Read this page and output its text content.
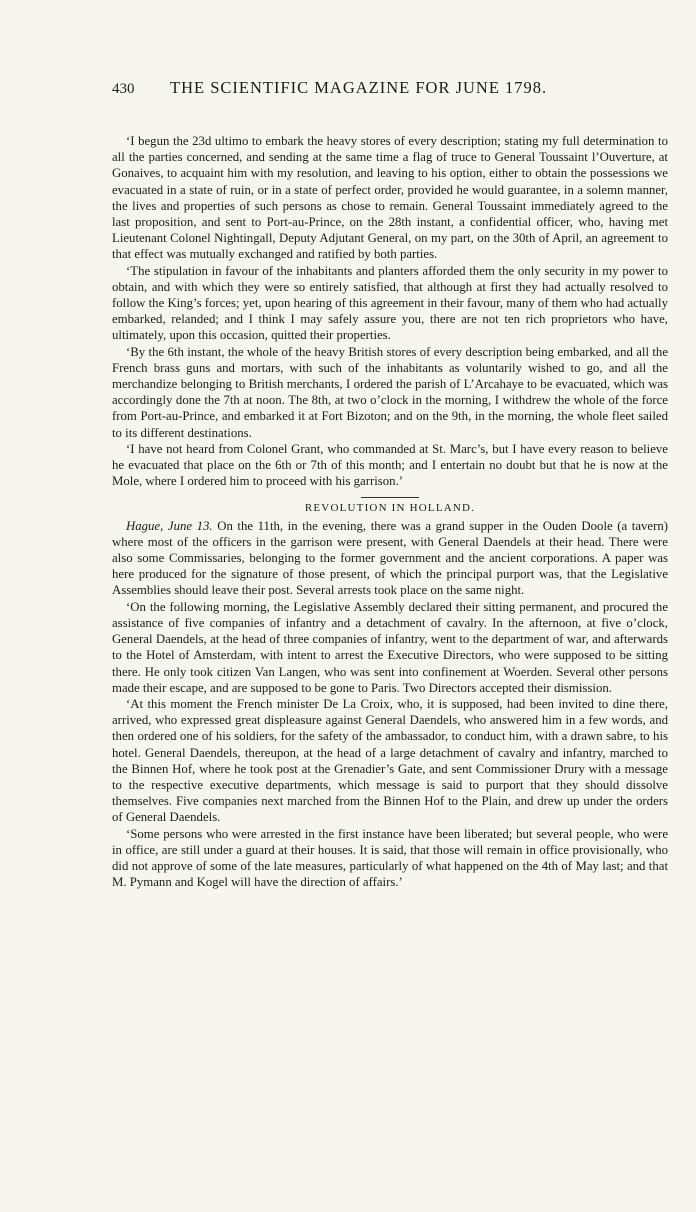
430	THE SCIENTIFIC MAGAZINE FOR JUNE 1798.

‘I begun the 23d ultimo to embark the heavy stores of every description; stating my full determination to all the parties concerned, and sending at the same time a flag of truce to General Toussaint l’Ouverture, at Gonaives, to acquaint him with my resolution, and leaving to his option, either to obtain the possessions we evacuated in a state of ruin, or in a state of perfect order, provided he would guarantee, in a solemn manner, the lives and properties of such persons as chose to remain. General Toussaint immediately agreed to the last proposition, and sent to Port-au-Prince, on the 28th instant, a confidential officer, who, having met Lieutenant Colonel Nightingall, Deputy Adjutant General, on my part, on the 30th of April, an agreement to that effect was mutually exchanged and ratified by both parties.

‘The stipulation in favour of the inhabitants and planters afforded them the only security in my power to obtain, and with which they were so entirely satisfied, that although at first they had actually resolved to follow the King’s forces; yet, upon hearing of this agreement in their favour, many of them who had actually embarked, relanded; and I think I may safely assure you, there are not ten rich proprietors who have, ultimately, upon this occasion, quitted their properties.

‘By the 6th instant, the whole of the heavy British stores of every description being embarked, and all the French brass guns and mortars, with such of the inhabitants as voluntarily wished to go, and all the merchandize belonging to British merchants, I ordered the parish of L’Arcahaye to be evacuated, which was accordingly done the 7th at noon. The 8th, at two o’clock in the morning, I withdrew the whole of the force from Port-au-Prince, and embarked it at Fort Bizoton; and on the 9th, in the morning, the whole fleet sailed to its different destinations.

‘I have not heard from Colonel Grant, who commanded at St. Marc’s, but I have every reason to believe he evacuated that place on the 6th or 7th of this month; and I entertain no doubt but that he is now at the Mole, where I ordered him to proceed with his garrison.’

REVOLUTION IN HOLLAND.

Hague, June 13. On the 11th, in the evening, there was a grand supper in the Ouden Doole (a tavern) where most of the officers in the garrison were present, with General Daendels at their head. There were also some Commissaries, belonging to the former government and the ancient corporations. A paper was here produced for the signature of those present, of which the principal purport was, that the Legislative Assemblies should leave their post. Several arrests took place on the same night.

‘On the following morning, the Legislative Assembly declared their sitting permanent, and procured the assistance of five companies of infantry and a detachment of cavalry. In the afternoon, at five o’clock, General Daendels, at the head of three companies of infantry, went to the department of war, and afterwards to the Hotel of Amsterdam, with intent to arrest the Executive Directors, who were supposed to be sitting there. He only took citizen Van Langen, who was sent into confinement at Woerden. Several other persons made their escape, and are supposed to be gone to Paris. Two Directors accepted their dismission.

‘At this moment the French minister De La Croix, who, it is supposed, had been invited to dine there, arrived, who expressed great displeasure against General Daendels, who answered him in a few words, and then ordered one of his soldiers, for the safety of the ambassador, to conduct him, with a drawn sabre, to his hotel. General Daendels, thereupon, at the head of a large detachment of cavalry and infantry, marched to the Binnen Hof, where he took post at the Grenadier’s Gate, and sent Commissioner Drury with a message to the respective executive departments, which message is said to purport that they should dissolve themselves. Five companies next marched from the Binnen Hof to the Plain, and drew up under the orders of General Daendels.

‘Some persons who were arrested in the first instance have been liberated; but several people, who were in office, are still under a guard at their houses. It is said, that those will remain in office provisionally, who did not approve of some of the late measures, particularly of what happened on the 4th of May last; and that M. Pymann and Kogel will have the direction of affairs.’
